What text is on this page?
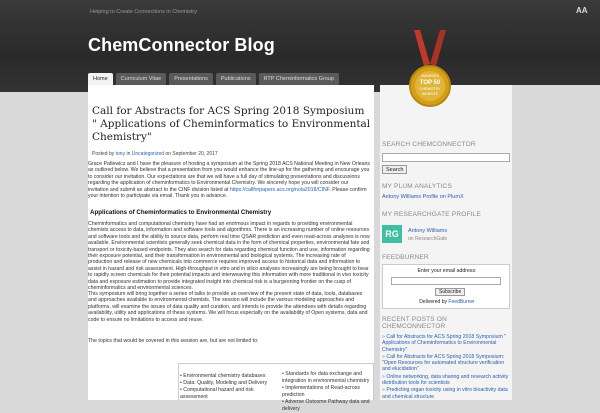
Helping to Create Connections in Chemistry	AA
ChemConnector Blog
Home	Curriculum Vitae	Presentations	Publications	RTP Cheminformatics Group	AWARDED
TOP 50
CHEMISTRY
WEBSITE
Call for Abstracts for ACS Spring 2018 Symposium " Applications of Cheminformatics to Environmental Chemistry"
Posted by tony in Uncategorized on September 20, 2017
Grace Patlewicz and I have the pleasure of hosting a symposium at the Spring 2018 ACS National Meeting in New Orleans as outlined below. We believe that a presentation from you would enhance the line-up for the gathering and encourage you to consider our invitation. Our expectations are that we will have a full day of stimulating presentations and discussions regarding the application of cheminformatics to Environmental Chemistry. We sincerely hope you will consider our invitation and submit an abstract to the CINF division listed at https://callforpapers.acs.org/nola2018/CINF. Please confirm your intention to participate via email. Thank you in advance.
Applications of Cheminformatics to Environmental Chemistry
Cheminformatics and computational chemistry have had an enormous impact in regards to providing environmental chemists access to data, information and software tools and algorithms. There is an increasing number of online resources and software tools and the ability to source data, perform real time QSAR prediction and even read-across analyses is now available. Environmental scientists generally seek chemical data in the form of chemical properties, environmental fate and transport or toxicity-based endpoints. They also search for data regarding chemical function and use, information regarding their exposure potential, and their transformation in environmental and biological systems. The increasing rate of production and release of new chemicals into commerce requires improved access to historical data and information to assist in hazard and risk assessment. High-throughput in vitro and in silico analyses increasingly are being brought to bear to rapidly screen chemicals for their potential impacts and interweaving this information with more traditional in vivo toxicity data and exposure estimation to provide integrated insight into chemical risk is a burgeoning frontier on the cusp of cheminformatics and environmental sciences.
This symposium will bring together a series of talks to provide an overview of the present state of data, tools, databases and approaches available to environmental chemists. The session will include the various modeling approaches and platforms, will examine the issues of data quality and curation, and intends to provide the attendees with details regarding availability, utility and applications of these systems. We will focus especially on the availability of Open systems, data and code to ensure no limitations to access and reuse.
The topics that would be covered in this session are, but are not limited to:
• Environmental chemistry databases
• Data: Quality, Modeling and Delivery
• Computational hazard and risk assessment
• Standards for data exchange and integration in environmental chemistry
• Implementations of Read-across prediction
• Adverse Outcome Pathway data and delivery
SEARCH CHEMCONNECTOR
Search
MY PLUM ANALYTICS
Antony Williams Profile on PlumX
MY RESEARCHGATE PROFILE
RG	Antony Williams
on ResearchGate
FEEDBURNER
Enter your email address:
Subscribe
Delivered by FeedBurner
RECENT POSTS ON
CHEMCONNECTOR
» Call for Abstracts for ACS Spring 2018 Symposium " Applications of Cheminformatics to Environmental Chemistry"
» Call for Abstracts for ACS Spring 2018 Symposium: "Open Resources for automated structure verification and elucidation"
» Online networking, data sharing and research activity distribution tools for scientists
» Predicting organ toxicity using in vitro bioactivity data and chemical structure
